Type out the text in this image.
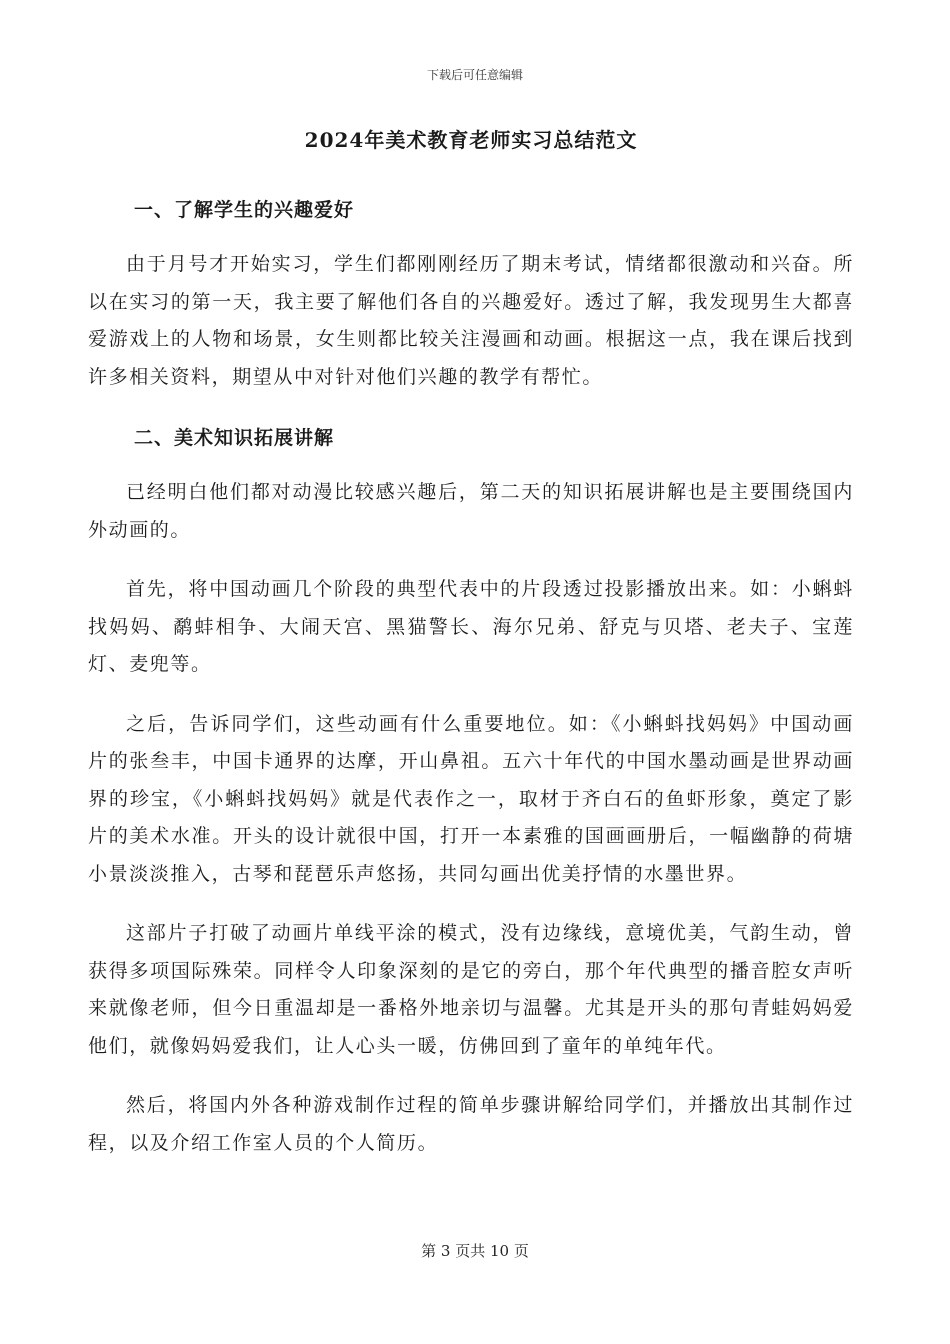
下载后可任意编辑
2024年美术教育老师实习总结范文
一、了解学生的兴趣爱好

由于月号才开始实习，学生们都刚刚经历了期末考试，情绪都很激动和兴奋。所以在实习的第一天，我主要了解他们各自的兴趣爱好。透过了解，我发现男生大都喜爱游戏上的人物和场景，女生则都比较关注漫画和动画。根据这一点，我在课后找到许多相关资料，期望从中对针对他们兴趣的教学有帮忙。

二、美术知识拓展讲解

已经明白他们都对动漫比较感兴趣后，第二天的知识拓展讲解也是主要围绕国内外动画的。

首先，将中国动画几个阶段的典型代表中的片段透过投影播放出来。如：小蝌蚪找妈妈、鹬蚌相争、大闹天宫、黑猫警长、海尔兄弟、舒克与贝塔、老夫子、宝莲灯、麦兜等。

之后，告诉同学们，这些动画有什么重要地位。如：《小蝌蚪找妈妈》中国动画片的张叁丰，中国卡通界的达摩，开山鼻祖。五六十年代的中国水墨动画是世界动画界的珍宝，《小蝌蚪找妈妈》就是代表作之一，取材于齐白石的鱼虾形象，奠定了影片的美术水准。开头的设计就很中国，打开一本素雅的国画画册后，一幅幽静的荷塘小景淡淡推入，古琴和琵琶乐声悠扬，共同勾画出优美抒情的水墨世界。

这部片子打破了动画片单线平涂的模式，没有边缘线，意境优美，气韵生动，曾获得多项国际殊荣。同样令人印象深刻的是它的旁白，那个年代典型的播音腔女声听来就像老师，但今日重温却是一番格外地亲切与温馨。尤其是开头的那句青蛙妈妈爱他们，就像妈妈爱我们，让人心头一暖，仿佛回到了童年的单纯年代。

然后，将国内外各种游戏制作过程的简单步骤讲解给同学们，并播放出其制作过程，以及介绍工作室人员的个人简历。

第 3 页共 10 页
